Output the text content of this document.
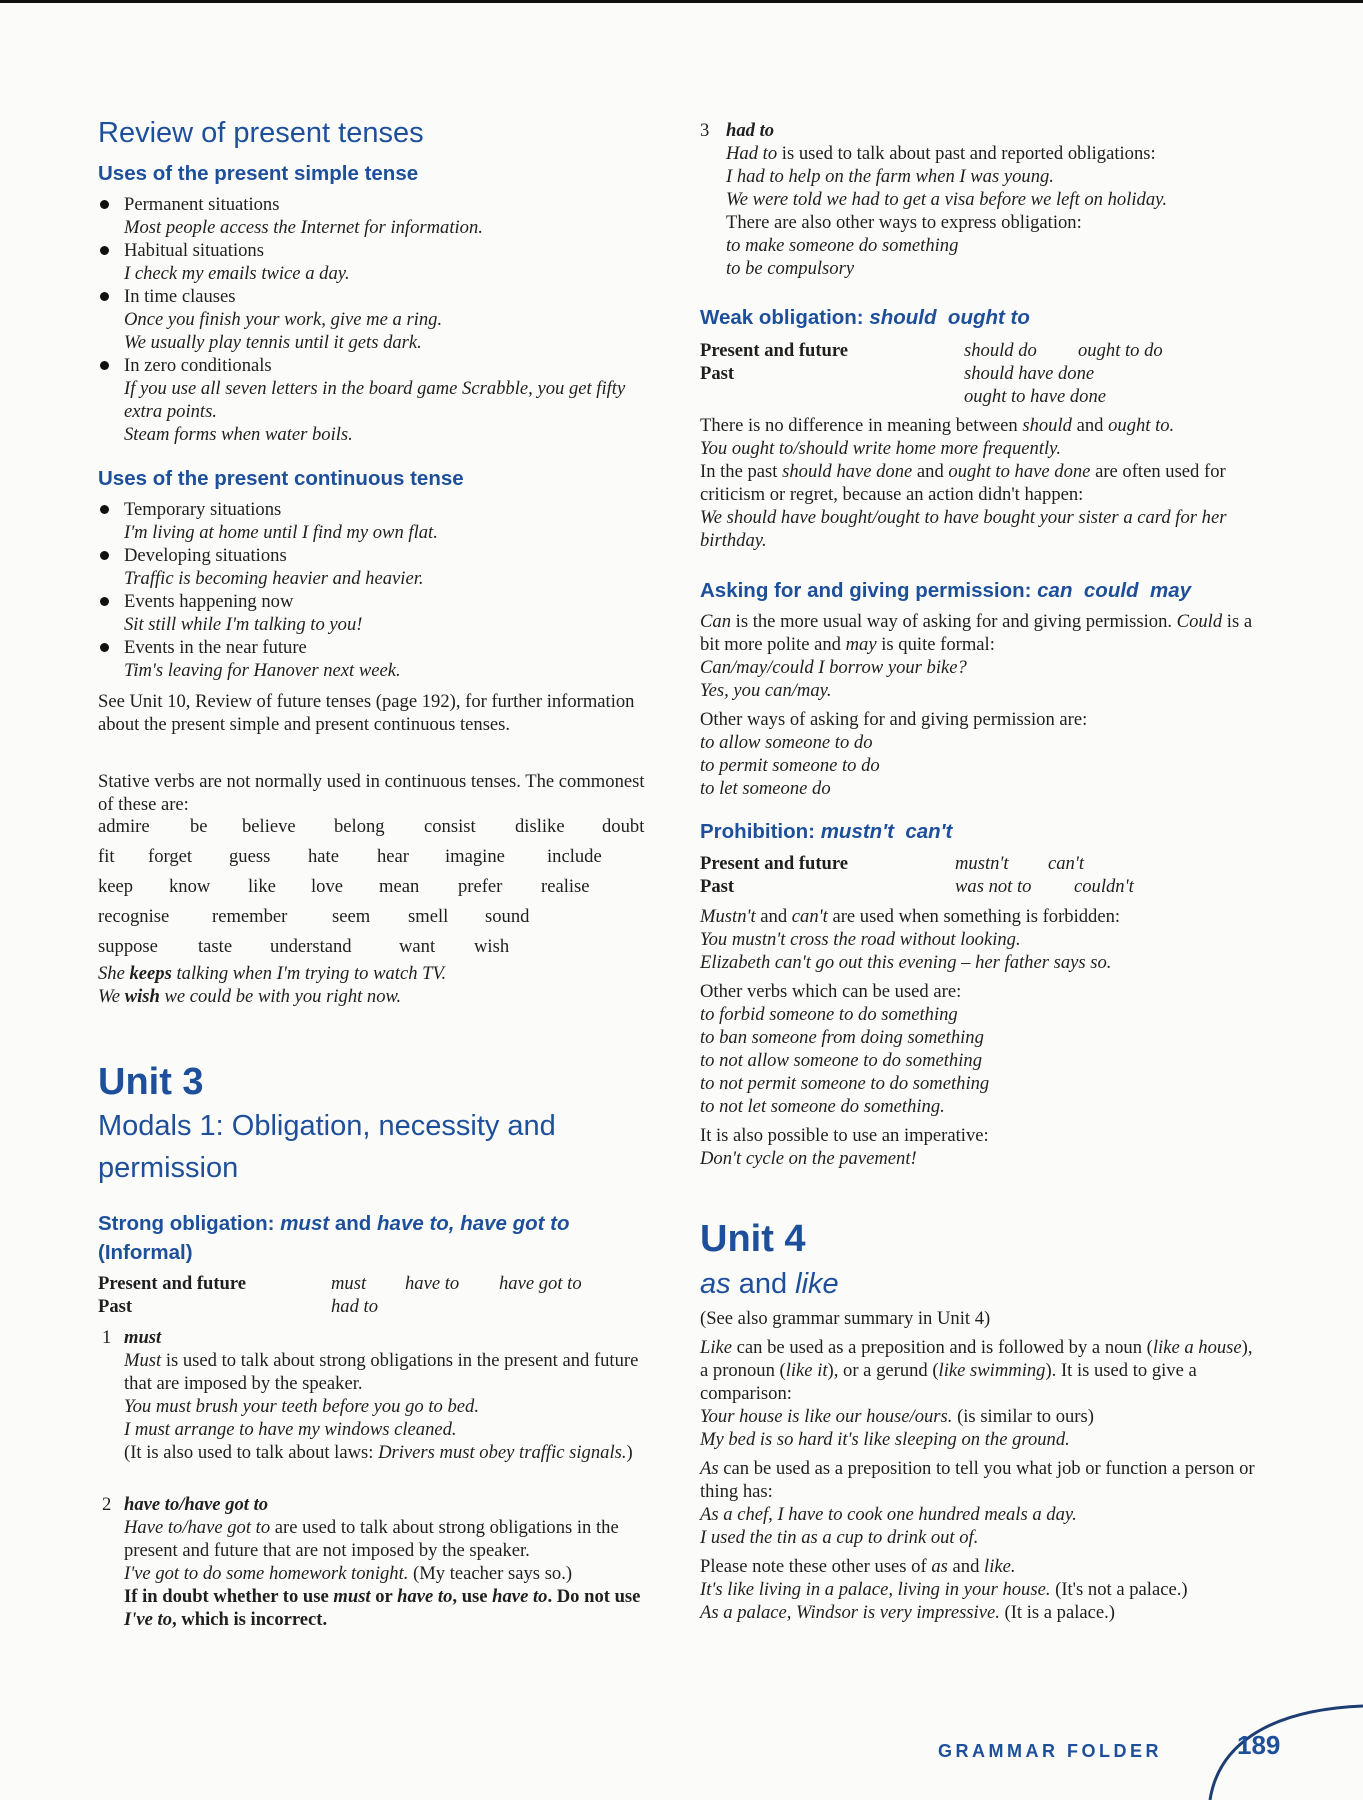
Review of present tenses
Uses of the present simple tense
Permanent situations
Most people access the Internet for information.
Habitual situations
I check my emails twice a day.
In time clauses
Once you finish your work, give me a ring.
We usually play tennis until it gets dark.
In zero conditionals
If you use all seven letters in the board game Scrabble, you get fifty extra points.
Steam forms when water boils.
Uses of the present continuous tense
Temporary situations
I'm living at home until I find my own flat.
Developing situations
Traffic is becoming heavier and heavier.
Events happening now
Sit still while I'm talking to you!
Events in the near future
Tim's leaving for Hanover next week.
See Unit 10, Review of future tenses (page 192), for further information about the present simple and present continuous tenses.
Stative verbs are not normally used in continuous tenses. The commonest of these are:
admire be believe belong consist dislike doubt
fit forget guess hate hear imagine include
keep know like love mean prefer realise
recognise remember seem smell sound
suppose taste understand	want wish
She keeps talking when I'm trying to watch TV.
We wish we could be with you right now.
Unit 3
Modals 1: Obligation, necessity and
permission
Strong obligation: must and have to, have got to
(Informal)
Present and future	must have to have got to
Past	had to
1 must
Must is used to talk about strong obligations in the present and future that are imposed by the speaker.
You must brush your teeth before you go to bed.
I must arrange to have my windows cleaned.
(It is also used to talk about laws: Drivers must obey traffic signals.)
2 have to/have got to
Have to/have got to are used to talk about strong obligations in the present and future that are not imposed by the speaker.
I've got to do some homework tonight. (My teacher says so.)
If in doubt whether to use must or have to, use have to. Do not use I've to, which is incorrect.
3 had to
Had to is used to talk about past and reported obligations:
I had to help on the farm when I was young.
We were told we had to get a visa before we left on holiday.
There are also other ways to express obligation:
to make someone do something
to be compulsory
Weak obligation: should ought to
Present and future	should do ought to do
Past	should have done
ought to have done
There is no difference in meaning between should and ought to.
You ought to/should write home more frequently.
In the past should have done and ought to have done are often used for criticism or regret, because an action didn't happen:
We should have bought/ought to have bought your sister a card for her birthday.
Asking for and giving permission: can could may
Can is the more usual way of asking for and giving permission. Could is a bit more polite and may is quite formal:
Can/may/could I borrow your bike?
Yes, you can/may.
Other ways of asking for and giving permission are:
to allow someone to do
to permit someone to do
to let someone do
Prohibition: mustn't can't
Present and future	mustn't can't
Past	was not to couldn't
Mustn't and can't are used when something is forbidden:
You mustn't cross the road without looking.
Elizabeth can't go out this evening – her father says so.
Other verbs which can be used are:
to forbid someone to do something
to ban someone from doing something
to not allow someone to do something
to not permit someone to do something
to not let someone do something.
It is also possible to use an imperative:
Don't cycle on the pavement!
Unit 4
as and like
(See also grammar summary in Unit 4)
Like can be used as a preposition and is followed by a noun (like a house), a pronoun (like it), or a gerund (like swimming). It is used to give a comparison:
Your house is like our house/ours. (is similar to ours)
My bed is so hard it's like sleeping on the ground.
As can be used as a preposition to tell you what job or function a person or thing has:
As a chef, I have to cook one hundred meals a day.
I used the tin as a cup to drink out of.
Please note these other uses of as and like.
It's like living in a palace, living in your house. (It's not a palace.)
As a palace, Windsor is very impressive. (It is a palace.)
GRAMMAR FOLDER	189
